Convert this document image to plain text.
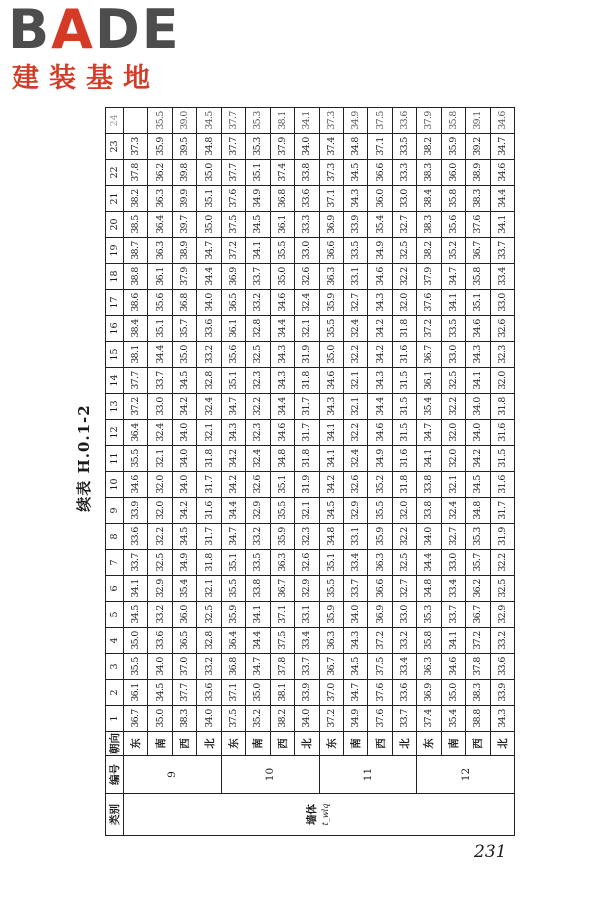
BADE
建装基地
续表 H.0.1-2
类别	编号	朝向	1	2	3	4	5	6	7	8	9	10	11	12	13	14	15	16	17	18	19	20	21	22	23	24
墙体 t_wlq	9	东	36.7	36.1	35.5	35.0	34.5	34.1	33.7	33.6	33.9	34.6	35.5	36.4	37.2	37.7	38.1	38.4	38.6	38.8	38.7	38.5	38.2	37.8	37.3	
		南	35.0	34.5	34.0	33.6	33.2	32.9	32.5	32.2	32.0	32.0	32.1	32.4	33.0	33.7	34.4	35.1	35.6	36.1	36.3	36.4	36.3	36.2	35.9	35.5
		西	38.3	37.7	37.0	36.5	36.0	35.4	34.9	34.5	34.2	34.0	34.0	34.0	34.2	34.5	35.0	35.7	36.8	37.9	38.9	39.7	39.9	39.8	39.5	39.0
		北	34.0	33.6	33.2	32.8	32.5	32.1	31.8	31.7	31.6	31.7	31.8	32.1	32.4	32.8	33.2	33.6	34.0	34.4	34.7	35.0	35.1	35.0	34.8	34.5
	10	东	37.5	37.1	36.8	36.4	35.9	35.5	35.1	34.7	34.4	34.2	34.2	34.3	34.7	35.1	35.6	36.1	36.5	36.9	37.2	37.5	37.6	37.7	37.7	37.7
		南	35.2	35.0	34.7	34.4	34.1	33.8	33.5	33.2	32.9	32.6	32.4	32.3	32.2	32.3	32.5	32.8	33.2	33.7	34.1	34.5	34.9	35.1	35.3	35.3
		西	38.2	38.1	37.8	37.5	37.1	36.7	36.3	35.9	35.5	35.1	34.8	34.6	34.4	34.3	34.3	34.4	34.6	35.0	35.5	36.1	36.8	37.4	37.9	38.1
		北	34.0	33.9	33.7	33.4	33.1	32.9	32.6	32.3	32.1	31.9	31.8	31.7	31.7	31.8	31.9	32.1	32.4	32.6	33.0	33.3	33.6	33.8	34.0	34.1
	11	东	37.2	37.0	36.7	36.3	35.9	35.5	35.1	34.8	34.5	34.2	34.1	34.1	34.3	34.6	35.0	35.5	35.9	36.3	36.6	36.9	37.1	37.3	37.4	37.3
		南	34.9	34.7	34.5	34.3	34.0	33.7	33.4	33.1	32.9	32.6	32.4	32.2	32.1	32.1	32.2	32.4	32.7	33.1	33.5	33.9	34.3	34.5	34.8	34.9
		西	37.6	37.6	37.5	37.2	36.9	36.6	36.3	35.9	35.5	35.2	34.9	34.6	34.4	34.3	34.2	34.2	34.3	34.6	34.9	35.4	36.0	36.6	37.1	37.5
		北	33.7	33.6	33.4	33.2	33.0	32.7	32.5	32.2	32.0	31.8	31.6	31.5	31.5	31.5	31.6	31.8	32.0	32.2	32.5	32.7	33.0	33.3	33.5	33.6
	12	东	37.4	36.9	36.3	35.8	35.3	34.8	34.4	34.0	33.8	33.8	34.1	34.7	35.4	36.1	36.7	37.2	37.6	37.9	38.2	38.3	38.4	38.3	38.2	37.9
		南	35.4	35.0	34.6	34.1	33.7	33.4	33.0	32.7	32.4	32.1	32.0	32.0	32.2	32.5	33.0	33.5	34.1	34.7	35.2	35.6	35.8	36.0	35.9	35.8
		西	38.8	38.3	37.8	37.2	36.7	36.2	35.7	35.3	34.8	34.5	34.2	34.0	34.0	34.1	34.3	34.6	35.1	35.8	36.7	37.6	38.3	38.9	39.2	39.1
		北	34.3	33.9	33.6	33.2	32.9	32.5	32.2	31.9	31.7	31.6	31.5	31.6	31.8	32.0	32.3	32.6	33.0	33.4	33.7	34.1	34.4	34.6	34.7	34.6
231
